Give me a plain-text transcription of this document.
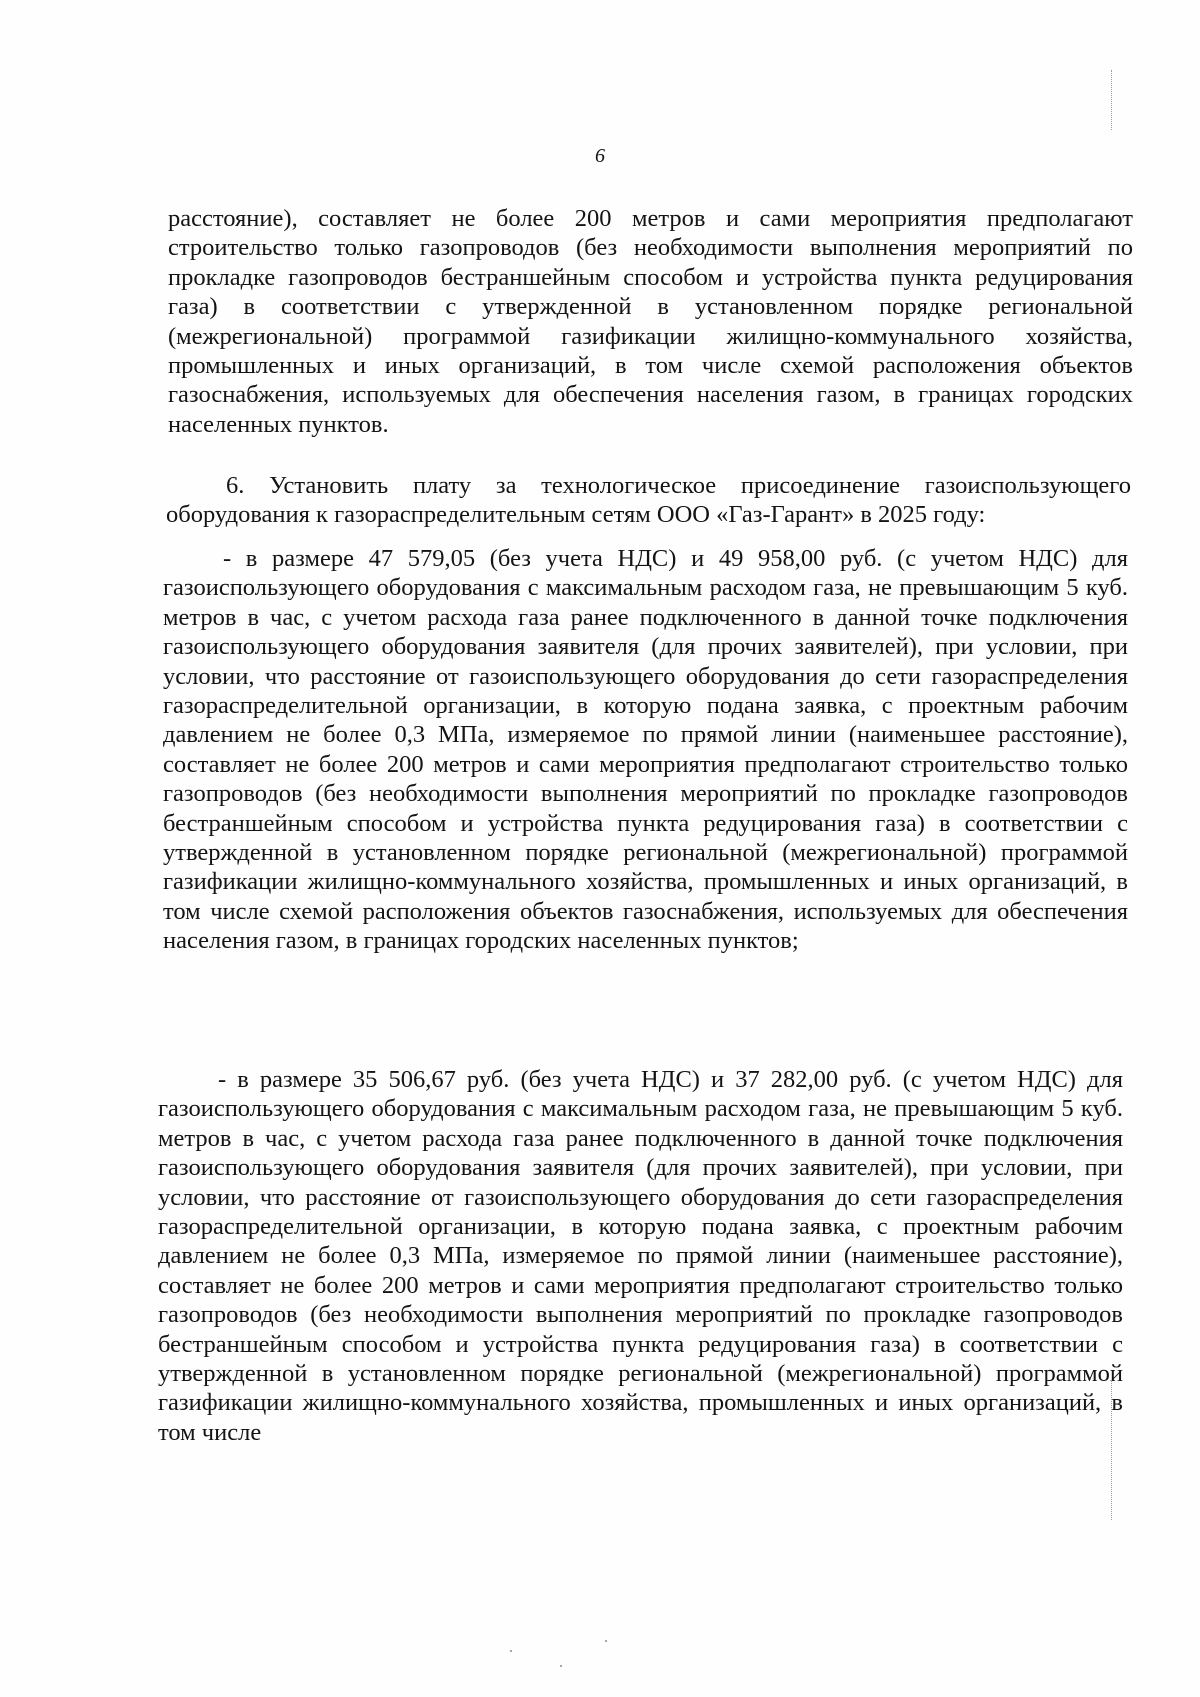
6

расстояние), составляет не более 200 метров и сами мероприятия предполагают строительство только газопроводов (без необходимости выполнения мероприятий по прокладке газопроводов бестраншейным способом и устройства пункта редуцирования газа) в соответствии с утвержденной в установленном порядке региональной (межрегиональной) программой газификации жилищно-коммунального хозяйства, промышленных и иных организаций, в том числе схемой расположения объектов газоснабжения, используемых для обеспечения населения газом, в границах городских населенных пунктов.

6. Установить плату за технологическое присоединение газоиспользующего оборудования к газораспределительным сетям ООО «Газ-Гарант» в 2025 году:

- в размере 47 579,05 (без учета НДС) и 49 958,00 руб. (с учетом НДС) для газоиспользующего оборудования с максимальным расходом газа, не превышающим 5 куб. метров в час, с учетом расхода газа ранее подключенного в данной точке подключения газоиспользующего оборудования заявителя (для прочих заявителей), при условии, при условии, что расстояние от газоиспользующего оборудования до сети газораспределения газораспределительной организации, в которую подана заявка, с проектным рабочим давлением не более 0,3 МПа, измеряемое по прямой линии (наименьшее расстояние), составляет не более 200 метров и сами мероприятия предполагают строительство только газопроводов (без необходимости выполнения мероприятий по прокладке газопроводов бестраншейным способом и устройства пункта редуцирования газа) в соответствии с утвержденной в установленном порядке региональной (межрегиональной) программой газификации жилищно-коммунального хозяйства, промышленных и иных организаций, в том числе схемой расположения объектов газоснабжения, используемых для обеспечения населения газом, в границах городских населенных пунктов;

- в размере 35 506,67 руб. (без учета НДС) и 37 282,00 руб. (с учетом НДС) для газоиспользующего оборудования с максимальным расходом газа, не превышающим 5 куб. метров в час, с учетом расхода газа ранее подключенного в данной точке подключения газоиспользующего оборудования заявителя (для прочих заявителей), при условии, при условии, что расстояние от газоиспользующего оборудования до сети газораспределения газораспределительной организации, в которую подана заявка, с проектным рабочим давлением не более 0,3 МПа, измеряемое по прямой линии (наименьшее расстояние), составляет не более 200 метров и сами мероприятия предполагают строительство только газопроводов (без необходимости выполнения мероприятий по прокладке газопроводов бестраншейным способом и устройства пункта редуцирования газа) в соответствии с утвержденной в установленном порядке региональной (межрегиональной) программой газификации жилищно-коммунального хозяйства, промышленных и иных организаций, в том числе
